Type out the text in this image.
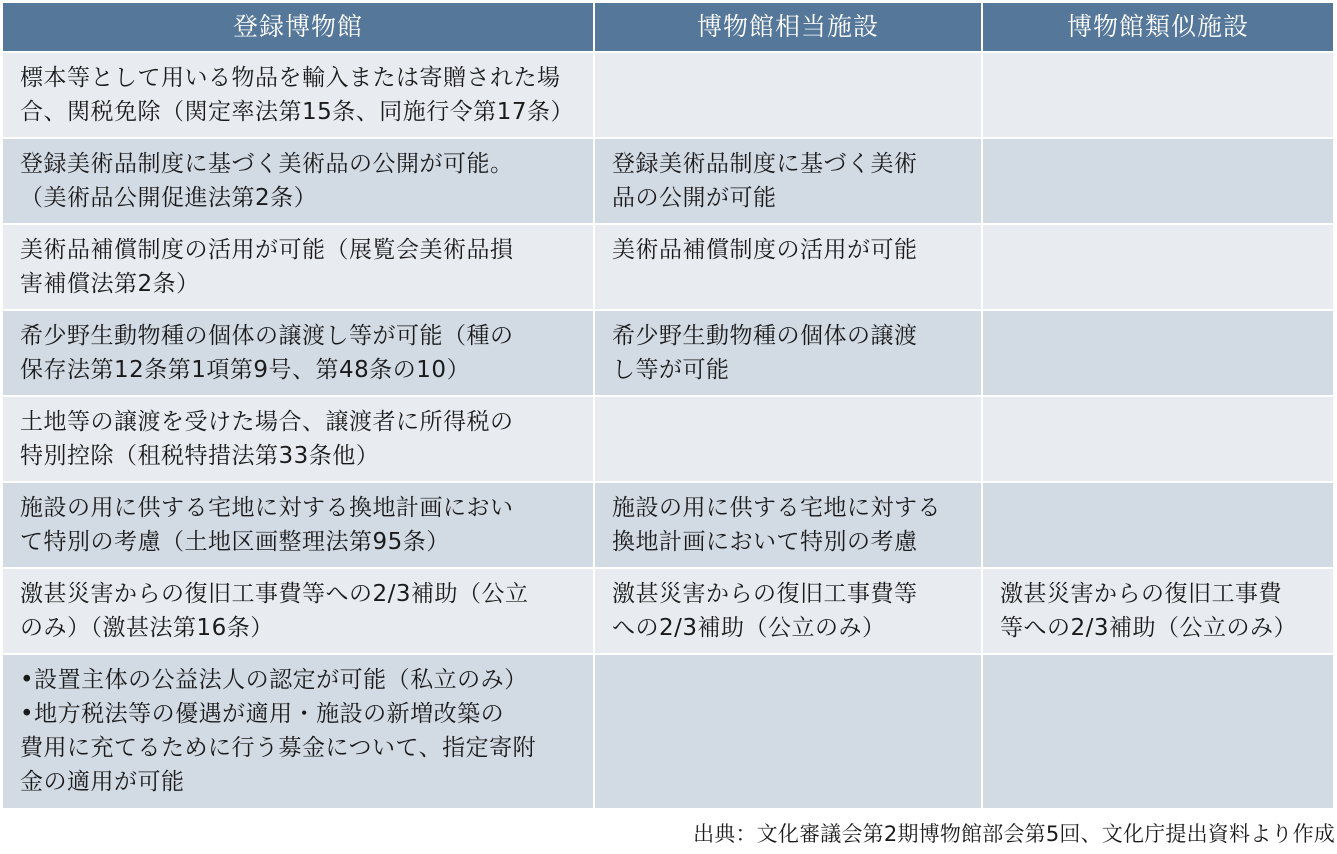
登録博物館	博物館相当施設	博物館類似施設

標本等として用いる物品を輸入または寄贈された場

合、関税免除（関定率法第15条、同施行令第17条）

登録美術品制度に基づく美術品の公開が可能。

（美術品公開促進法第2条）

登録美術品制度に基づく美術

品の公開が可能

美術品補償制度の活用が可能（展覧会美術品損

害補償法第2条）

美術品補償制度の活用が可能

希少野生動物種の個体の譲渡し等が可能（種の

保存法第12条第1項第9号、第48条の10）

希少野生動物種の個体の譲渡

し等が可能

土地等の譲渡を受けた場合、譲渡者に所得税の

特別控除（租税特措法第33条他）

施設の用に供する宅地に対する換地計画におい

て特別の考慮（土地区画整理法第95条）

施設の用に供する宅地に対する

換地計画において特別の考慮

激甚災害からの復旧工事費等への2/3補助（公立

のみ）（激甚法第16条）

激甚災害からの復旧工事費等

への2/3補助（公立のみ）

激甚災害からの復旧工事費

等への2/3補助（公立のみ）

•設置主体の公益法人の認定が可能（私立のみ）

•地方税法等の優遇が適用・施設の新増改築の

費用に充てるために行う募金について、指定寄附

金の適用が可能

出典：文化審議会第2期博物館部会第5回、文化庁提出資料より作成
